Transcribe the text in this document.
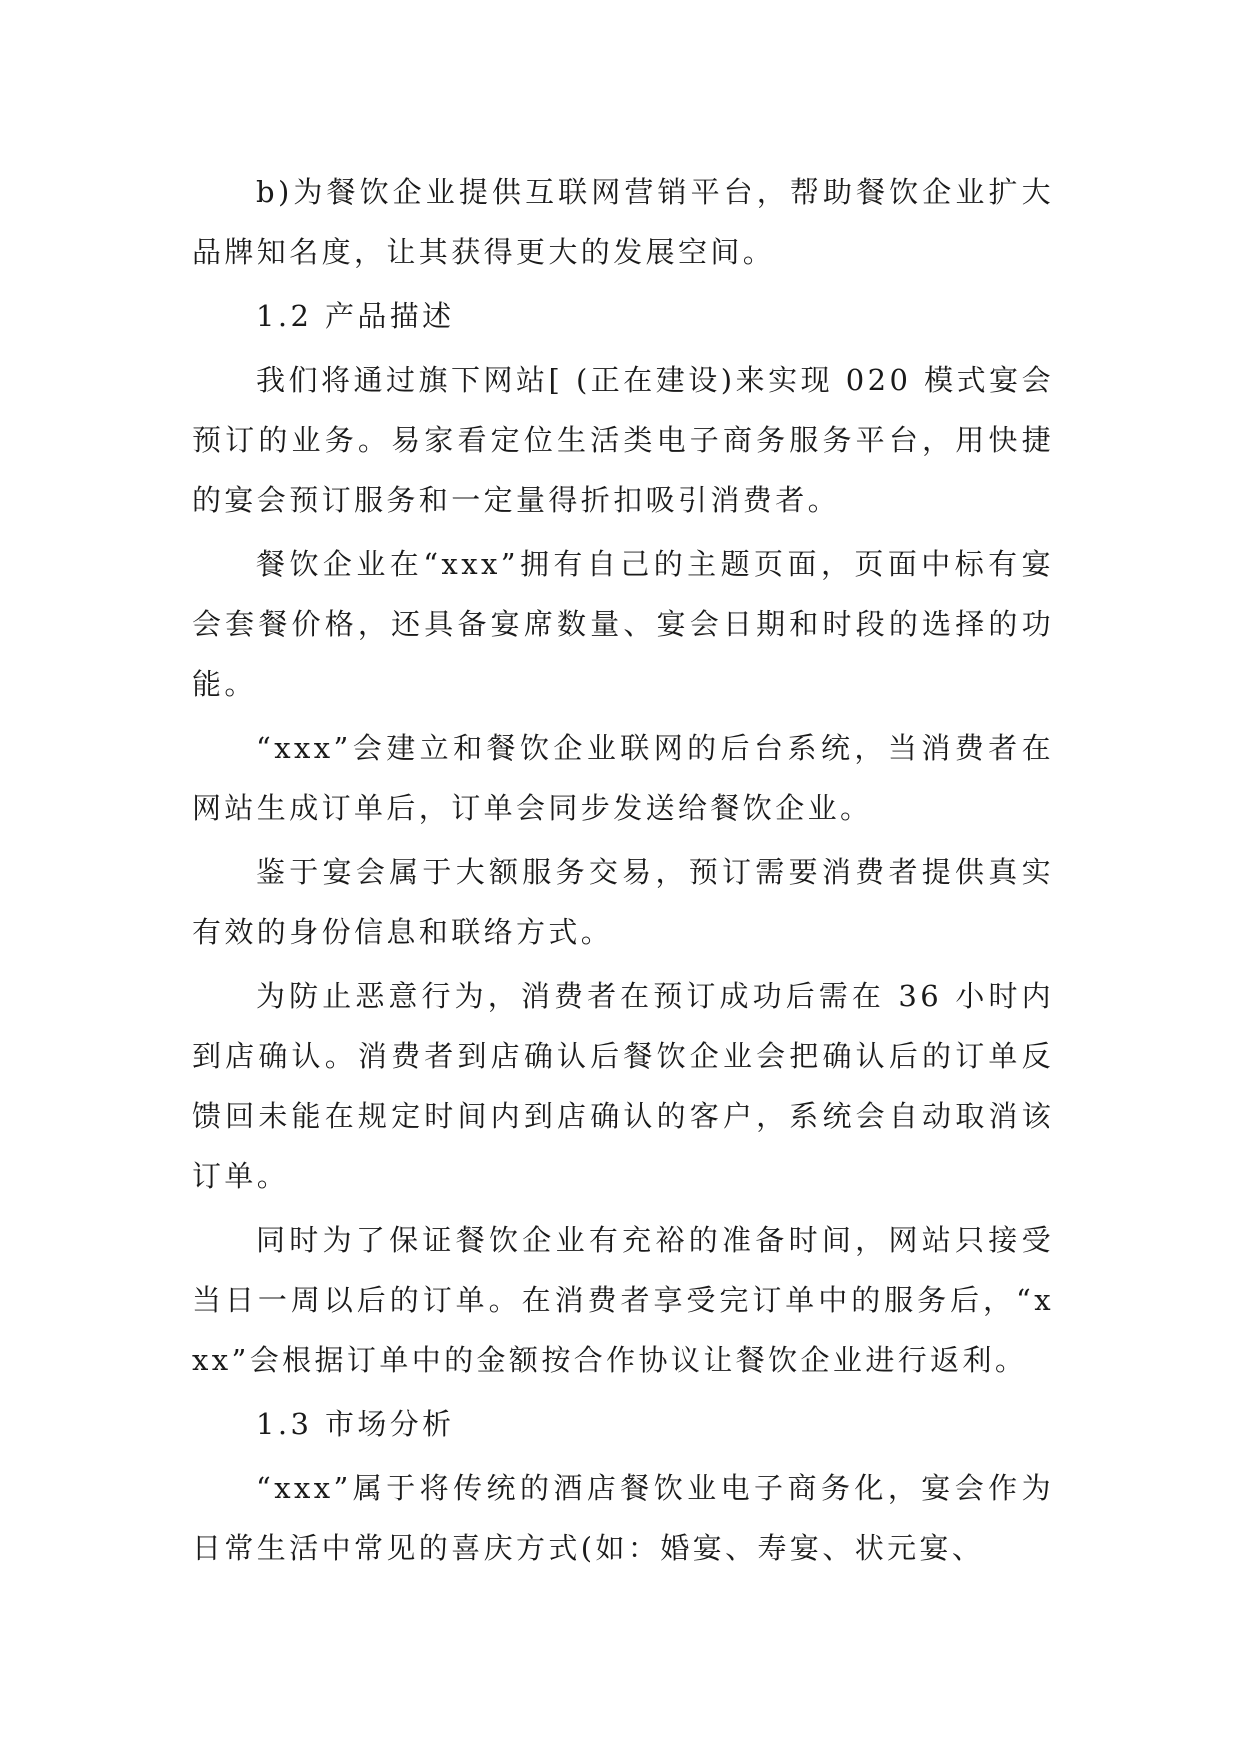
b)为餐饮企业提供互联网营销平台，帮助餐饮企业扩大品牌知名度，让其获得更大的发展空间。

1.2 产品描述

我们将通过旗下网站[ (正在建设)来实现 020 模式宴会预订的业务。易家看定位生活类电子商务服务平台，用快捷的宴会预订服务和一定量得折扣吸引消费者。

餐饮企业在“xxx”拥有自己的主题页面，页面中标有宴会套餐价格，还具备宴席数量、宴会日期和时段的选择的功能。

“xxx”会建立和餐饮企业联网的后台系统，当消费者在网站生成订单后，订单会同步发送给餐饮企业。

鉴于宴会属于大额服务交易，预订需要消费者提供真实有效的身份信息和联络方式。

为防止恶意行为，消费者在预订成功后需在 36 小时内到店确认。消费者到店确认后餐饮企业会把确认后的订单反馈回未能在规定时间内到店确认的客户，系统会自动取消该订单。

同时为了保证餐饮企业有充裕的准备时间，网站只接受当日一周以后的订单。在消费者享受完订单中的服务后，“xxx”会根据订单中的金额按合作协议让餐饮企业进行返利。

1.3 市场分析

“xxx”属于将传统的酒店餐饮业电子商务化，宴会作为日常生活中常见的喜庆方式(如：婚宴、寿宴、状元宴、
